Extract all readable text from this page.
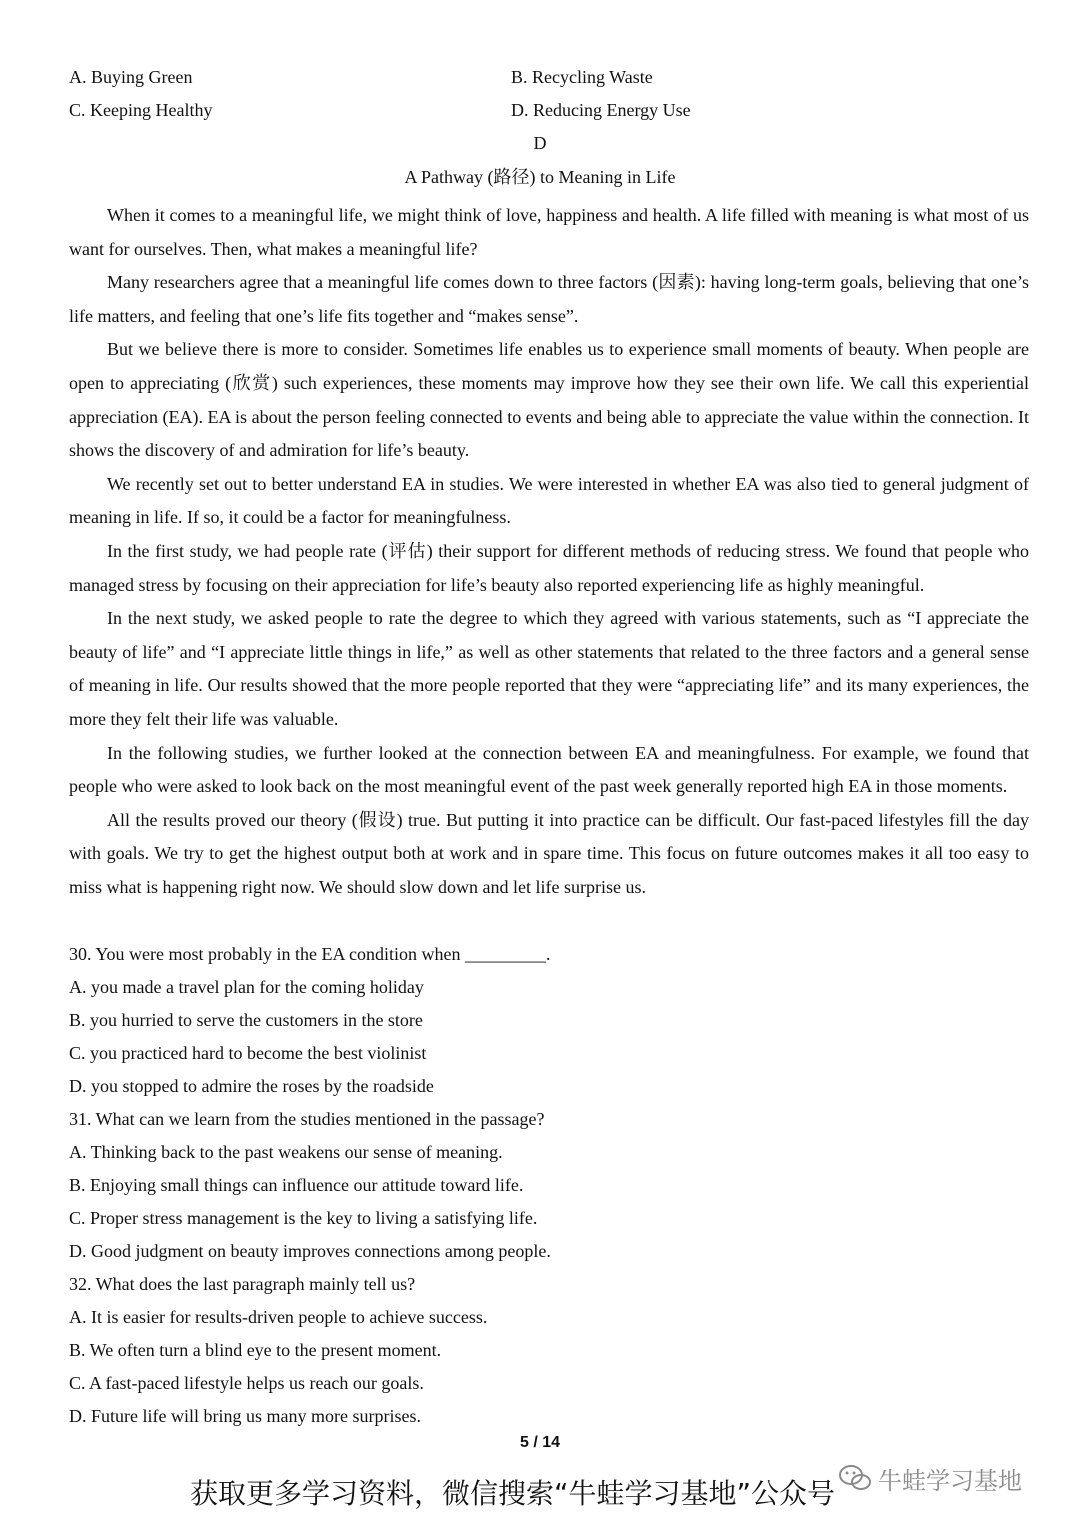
A. Buying Green	B. Recycling Waste
C. Keeping Healthy	D. Reducing Energy Use
D
A Pathway (路径) to Meaning in Life

When it comes to a meaningful life, we might think of love, happiness and health. A life filled with meaning is what most of us want for ourselves. Then, what makes a meaningful life?

Many researchers agree that a meaningful life comes down to three factors (因素): having long-term goals, believing that one’s life matters, and feeling that one’s life fits together and “makes sense”.

But we believe there is more to consider. Sometimes life enables us to experience small moments of beauty. When people are open to appreciating (欣赏) such experiences, these moments may improve how they see their own life. We call this experiential appreciation (EA). EA is about the person feeling connected to events and being able to appreciate the value within the connection. It shows the discovery of and admiration for life’s beauty.

We recently set out to better understand EA in studies. We were interested in whether EA was also tied to general judgment of meaning in life. If so, it could be a factor for meaningfulness.

In the first study, we had people rate (评估) their support for different methods of reducing stress. We found that people who managed stress by focusing on their appreciation for life’s beauty also reported experiencing life as highly meaningful.

In the next study, we asked people to rate the degree to which they agreed with various statements, such as “I appreciate the beauty of life” and “I appreciate little things in life,” as well as other statements that related to the three factors and a general sense of meaning in life. Our results showed that the more people reported that they were “appreciating life” and its many experiences, the more they felt their life was valuable.

In the following studies, we further looked at the connection between EA and meaningfulness. For example, we found that people who were asked to look back on the most meaningful event of the past week generally reported high EA in those moments.

All the results proved our theory (假设) true. But putting it into practice can be difficult. Our fast-paced lifestyles fill the day with goals. We try to get the highest output both at work and in spare time. This focus on future outcomes makes it all too easy to miss what is happening right now. We should slow down and let life surprise us.

30. You were most probably in the EA condition when _________.
A. you made a travel plan for the coming holiday
B. you hurried to serve the customers in the store
C. you practiced hard to become the best violinist
D. you stopped to admire the roses by the roadside
31. What can we learn from the studies mentioned in the passage?
A. Thinking back to the past weakens our sense of meaning.
B. Enjoying small things can influence our attitude toward life.
C. Proper stress management is the key to living a satisfying life.
D. Good judgment on beauty improves connections among people.
32. What does the last paragraph mainly tell us?
A. It is easier for results-driven people to achieve success.
B. We often turn a blind eye to the present moment.
C. A fast-paced lifestyle helps us reach our goals.
D. Future life will bring us many more surprises.
5 / 14
获取更多学习资料，微信搜索“牛蛙学习基地”公众号	牛蛙学习基地
